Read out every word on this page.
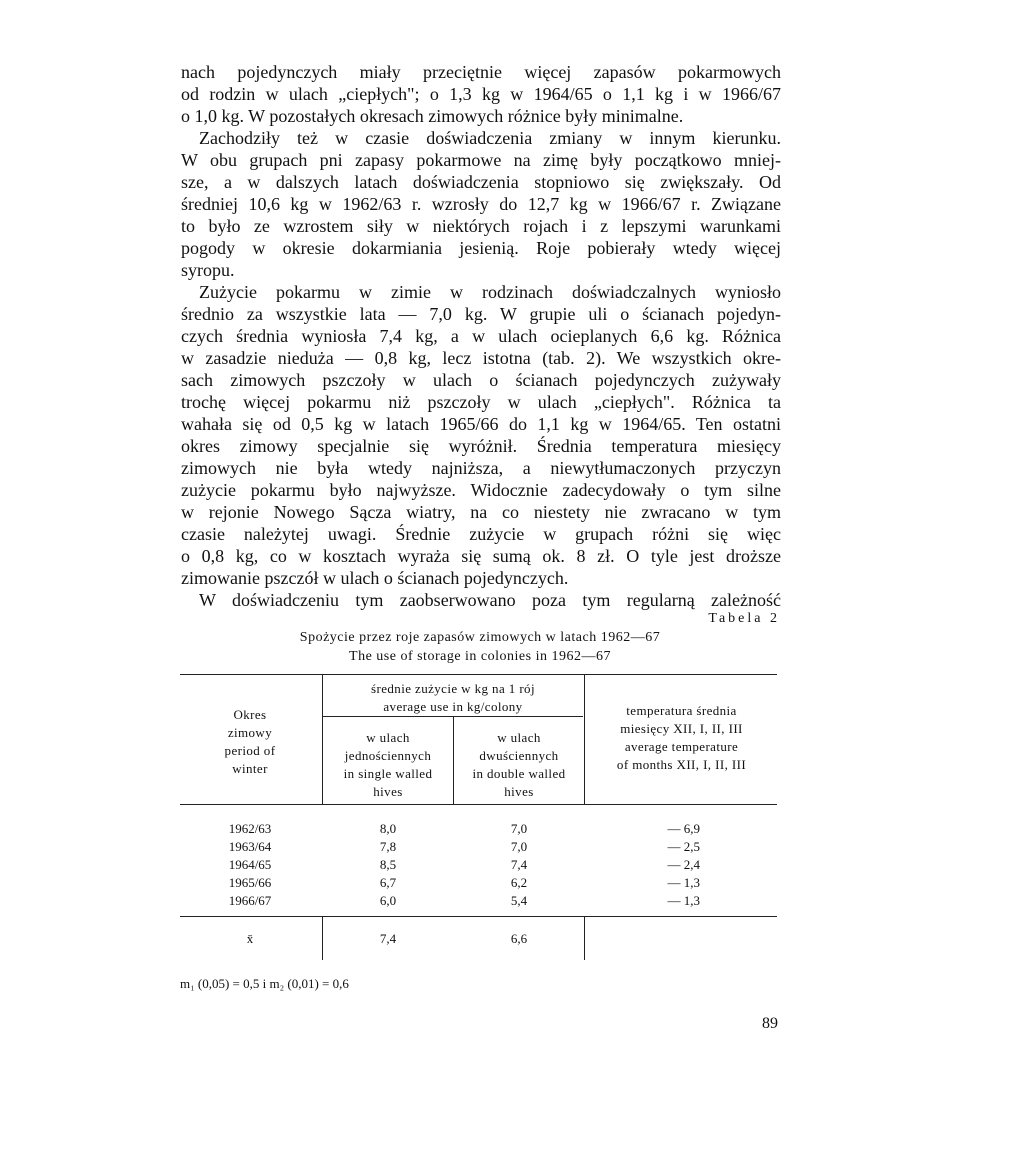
nach pojedynczych miały przeciętnie więcej zapasów pokarmowych
od rodzin w ulach „ciepłych"; o 1,3 kg w 1964/65 o 1,1 kg i w 1966/67
o 1,0 kg. W pozostałych okresach zimowych różnice były minimalne.
Zachodziły też w czasie doświadczenia zmiany w innym kierunku.
W obu grupach pni zapasy pokarmowe na zimę były początkowo mniej-
sze, a w dalszych latach doświadczenia stopniowo się zwiększały. Od
średniej 10,6 kg w 1962/63 r. wzrosły do 12,7 kg w 1966/67 r. Związane
to było ze wzrostem siły w niektórych rojach i z lepszymi warunkami
pogody w okresie dokarmiania jesienią. Roje pobierały wtedy więcej
syropu.
Zużycie pokarmu w zimie w rodzinach doświadczalnych wyniosło
średnio za wszystkie lata — 7,0 kg. W grupie uli o ścianach pojedyn-
czych średnia wyniosła 7,4 kg, a w ulach ocieplanych 6,6 kg. Różnica
w zasadzie nieduża — 0,8 kg, lecz istotna (tab. 2). We wszystkich okre-
sach zimowych pszczoły w ulach o ścianach pojedynczych zużywały
trochę więcej pokarmu niż pszczoły w ulach „ciepłych". Różnica ta
wahała się od 0,5 kg w latach 1965/66 do 1,1 kg w 1964/65. Ten ostatni
okres zimowy specjalnie się wyróżnił. Średnia temperatura miesięcy
zimowych nie była wtedy najniższa, a niewytłumaczonych przyczyn
zużycie pokarmu było najwyższe. Widocznie zadecydowały o tym silne
w rejonie Nowego Sącza wiatry, na co niestety nie zwracano w tym
czasie należytej uwagi. Średnie zużycie w grupach różni się więc
o 0,8 kg, co w kosztach wyraża się sumą ok. 8 zł. O tyle jest droższe
zimowanie pszczół w ulach o ścianach pojedynczych.
W doświadczeniu tym zaobserwowano poza tym regularną zależność
Tabela 2
Spożycie przez roje zapasów zimowych w latach 1962—67
The use of storage in colonies in 1962—67
Okres
zimowy
period of
winter
średnie zużycie w kg na 1 rój
average use in kg/colony
w ulach
jednościennych
in single walled
hives
w ulach
dwuściennych
in double walled
hives
temperatura średnia
miesięcy XII, I, II, III
average temperature
of months XII, I, II, III
1962/63	8,0	7,0	— 6,9
1963/64	7,8	7,0	— 2,5
1964/65	8,5	7,4	— 2,4
1965/66	6,7	6,2	— 1,3
1966/67	6,0	5,4	— 1,3
x̄	7,4	6,6
m₁ (0,05) = 0,5 i m₂ (0,01) = 0,6
89
